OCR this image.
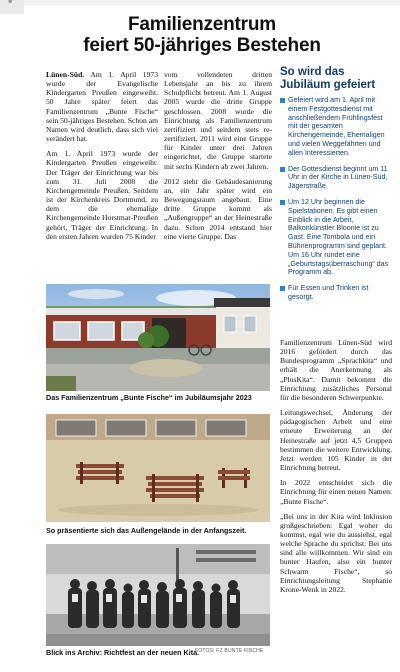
•
Familienzentrum
feiert 50-jähriges Bestehen

Lünen-Süd. Am 1. April 1973 wurde der Evangelische Kindergarten Preußen eingeweiht. 50 Jahre später feiert das Familienzentrum „Bunte Fische“ sein 50-jähriges Bestehen. Schon am Namen wird deutlich, dass sich viel verändert hat.

Am 1. April 1973 wurde der Kindergarten Preußen eingeweiht. Der Träger der Einrichtung war bis zum 31. Juli 2008 die Kirchengemeinde Preußen. Seitdem ist der Kirchenkreis Dortmund, zu dem die ehemalige Kirchengemeinde Horstmar-Preußen gehört, Träger der Einrichtung. In den ersten Jahren wurden 75 Kinder

vom vollendeten dritten Lebensjahr an bis zu ihrem Schulpflicht betreut. Am 1. August 2005 wurde die dritte Gruppe geschlossen. 2008 wurde die Einrichtung als Familienzentrum zertifiziert und seitdem stets re-zertifiziert. 2011 wird eine Gruppe für Kinder unter drei Jahren eingerichtet, die Gruppe startete mit sechs Kindern ab zwei Jahren.

2012 steht die Gebäudesanierung an, ein Jahr später wird ein Bewegungsraum angebaut. Eine dritte Gruppe kommt als „Außengruppe“ an der Heinestraße dazu. Schon 2014 entstand hier eine vierte Gruppe. Das

So wird das Jubiläum gefeiert
Gefeiert wird am 1. April mit einem Festgottesdienst mit anschließendem Frühlingsfest mit der gesamten Kirchengemeinde, Ehemaligen und vielen Weggefährten und allen Interessierten.
Der Gottesdienst beginnt um 11 Uhr in der Kirche in Lünen-Süd, Jägerstraße.
Um 12 Uhr beginnen die Spielstationen. Es gibt einen Einblick in die Arbeit, Balkonkünstler Bloonie ist zu Gast. Eine Tombola und ein Bühnenprogramm sind geplant. Um 16 Uhr rundet eine „Geburtstagsüberraschung“ das Programm ab.
Für Essen und Trinken ist gesorgt.

Familienzentrum Lünen-Süd wird 2016 gefördert durch das Bundesprogramm „Sprachkita“ und erhält die Anerkennung als „PlusKita“. Damit bekommt die Einrichtung zusätzliches Personal für die besonderen Schwerpunkte.

Leitungswechsel, Änderung der pädagogischen Arbeit und eine erneute Erweiterung an der Heinestraße auf jetzt 4,5 Gruppen bestimmen die weitere Entwicklung. Jetzt werden 105 Kinder in der Einrichtung betreut.

In 2022 entscheidet sich die Einrichtung für einen neuen Namen: „Bunte Fische“.

„Bei uns in der Kita wird Inklusion großgeschrieben: Egal woher du kommst, egal wie du aussiehst, egal welche Sprache du sprichst: Bei uns sind alle willkommen. Wir sind ein bunter Haufen, also ein bunter Schwarm Fische“, so Einrichtungsleitung Stephanie Krone-Wenk in 2022.

Das Familienzentrum „Bunte Fische“ im Jubiläumsjahr 2023
So präsentierte sich das Außengelände in der Anfangszeit.
Blick ins Archiv: Richtfest an der neuen Kita.
FOTOS: FZ BUNTE FISCHE
